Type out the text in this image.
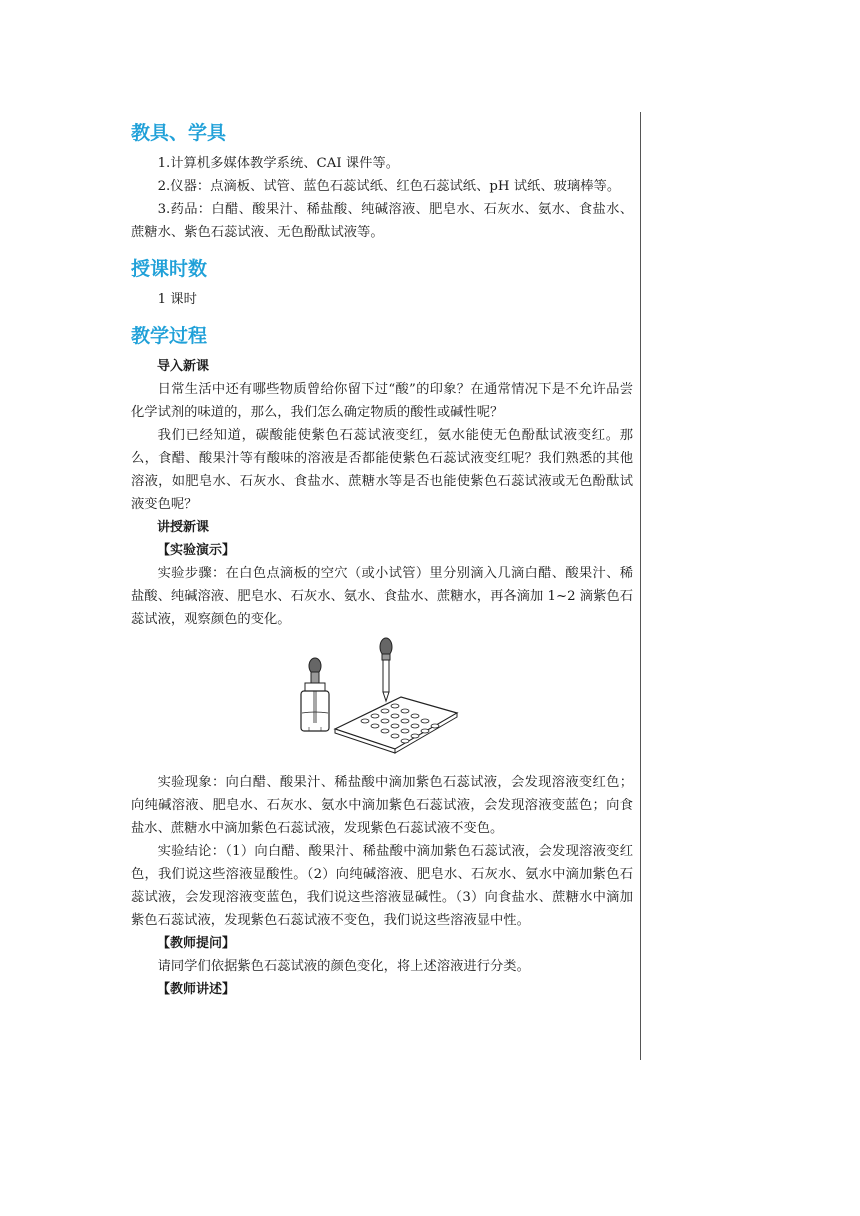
教具、学具

1.计算机多媒体教学系统、CAI 课件等。

2.仪器：点滴板、试管、蓝色石蕊试纸、红色石蕊试纸、pH 试纸、玻璃棒等。

3.药品：白醋、酸果汁、稀盐酸、纯碱溶液、肥皂水、石灰水、氨水、食盐水、蔗糖水、紫色石蕊试液、无色酚酞试液等。

授课时数

1 课时

教学过程

导入新课

日常生活中还有哪些物质曾给你留下过“酸”的印象？在通常情况下是不允许品尝化学试剂的味道的，那么，我们怎么确定物质的酸性或碱性呢？

我们已经知道，碳酸能使紫色石蕊试液变红，氨水能使无色酚酞试液变红。那么，食醋、酸果汁等有酸味的溶液是否都能使紫色石蕊试液变红呢？我们熟悉的其他溶液，如肥皂水、石灰水、食盐水、蔗糖水等是否也能使紫色石蕊试液或无色酚酞试液变色呢？

讲授新课

【实验演示】

实验步骤：在白色点滴板的空穴（或小试管）里分别滴入几滴白醋、酸果汁、稀盐酸、纯碱溶液、肥皂水、石灰水、氨水、食盐水、蔗糖水，再各滴加 1~2 滴紫色石蕊试液，观察颜色的变化。

实验现象：向白醋、酸果汁、稀盐酸中滴加紫色石蕊试液，会发现溶液变红色；向纯碱溶液、肥皂水、石灰水、氨水中滴加紫色石蕊试液，会发现溶液变蓝色；向食盐水、蔗糖水中滴加紫色石蕊试液，发现紫色石蕊试液不变色。

实验结论：（1）向白醋、酸果汁、稀盐酸中滴加紫色石蕊试液，会发现溶液变红色，我们说这些溶液显酸性。（2）向纯碱溶液、肥皂水、石灰水、氨水中滴加紫色石蕊试液，会发现溶液变蓝色，我们说这些溶液显碱性。（3）向食盐水、蔗糖水中滴加紫色石蕊试液，发现紫色石蕊试液不变色，我们说这些溶液显中性。

【教师提问】

请同学们依据紫色石蕊试液的颜色变化，将上述溶液进行分类。

【教师讲述】
